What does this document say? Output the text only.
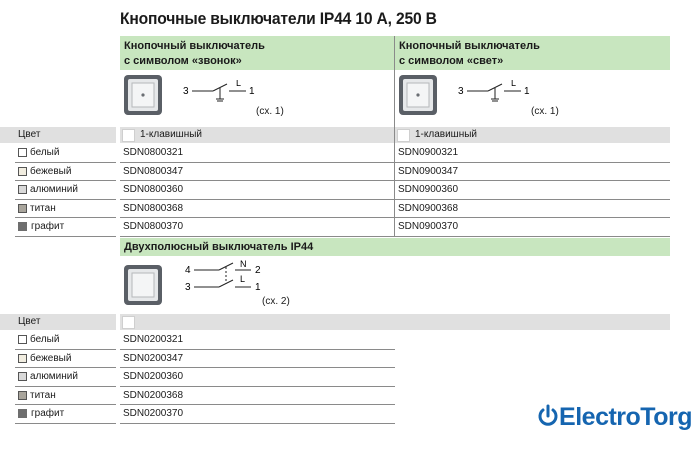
Кнопочные выключатели IP44 10 А, 250 В
Кнопочный выключатель
с символом «звонок»
Кнопочный выключатель
с символом «свет»
3
L
1
(сх. 1)
3
L
1
(сх. 1)
Цвет	1-клавишный	1-клавишный
белый	SDN0800321	SDN0900321
бежевый	SDN0800347	SDN0900347
алюминий	SDN0800360	SDN0900360
титан	SDN0800368	SDN0900368
графит	SDN0800370	SDN0900370
Двухполюсный выключатель IP44
4
3
N
L
2
1
(сх. 2)
Цвет
белый	SDN0200321
бежевый	SDN0200347
алюминий	SDN0200360
титан	SDN0200368
графит	SDN0200370	ElectroTorg
